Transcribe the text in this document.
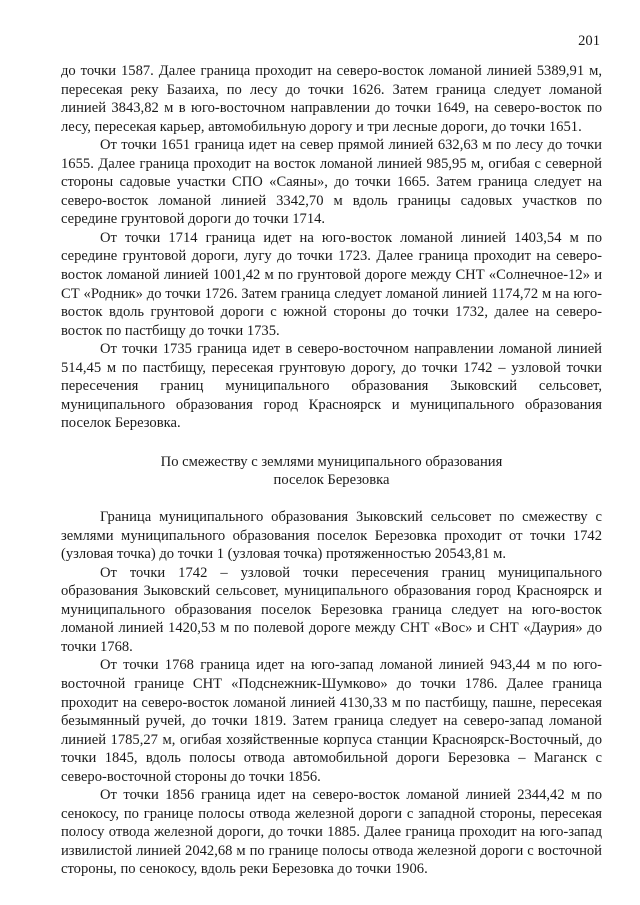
201

до точки 1587. Далее граница проходит на северо-восток ломаной линией 5389,91 м, пересекая реку Базаиха, по лесу до точки 1626. Затем граница следует ломаной линией 3843,82 м в юго-восточном направлении до точки 1649, на северо-восток по лесу, пересекая карьер, автомобильную дорогу и три лесные дороги, до точки 1651.

От точки 1651 граница идет на север прямой линией 632,63 м по лесу до точки 1655. Далее граница проходит на восток ломаной линией 985,95 м, огибая с северной стороны садовые участки СПО «Саяны», до точки 1665. Затем граница следует на северо-восток ломаной линией 3342,70 м вдоль границы садовых участков по середине грунтовой дороги до точки 1714.

От точки 1714 граница идет на юго-восток ломаной линией 1403,54 м по середине грунтовой дороги, лугу до точки 1723. Далее граница проходит на северо-восток ломаной линией 1001,42 м по грунтовой дороге между СНТ «Солнечное-12» и СТ «Родник» до точки 1726. Затем граница следует ломаной линией 1174,72 м на юго-восток вдоль грунтовой дороги с южной стороны до точки 1732, далее на северо-восток по пастбищу до точки 1735.

От точки 1735 граница идет в северо-восточном направлении ломаной линией 514,45 м по пастбищу, пересекая грунтовую дорогу, до точки 1742 – узловой точки пересечения границ муниципального образования Зыковский сельсовет, муниципального образования город Красноярск и муниципального образования поселок Березовка.

По смежеству с землями муниципального образования
поселок Березовка

Граница муниципального образования Зыковский сельсовет по смежеству с землями муниципального образования поселок Березовка проходит от точки 1742 (узловая точка) до точки 1 (узловая точка) протяженностью 20543,81 м.

От точки 1742 – узловой точки пересечения границ муниципального образования Зыковский сельсовет, муниципального образования город Красноярск и муниципального образования поселок Березовка граница следует на юго-восток ломаной линией 1420,53 м по полевой дороге между СНТ «Вос» и СНТ «Даурия» до точки 1768.

От точки 1768 граница идет на юго-запад ломаной линией 943,44 м по юго-восточной границе СНТ «Подснежник-Шумково» до точки 1786. Далее граница проходит на северо-восток ломаной линией 4130,33 м по пастбищу, пашне, пересекая безымянный ручей, до точки 1819. Затем граница следует на северо-запад ломаной линией 1785,27 м, огибая хозяйственные корпуса станции Красноярск-Восточный, до точки 1845, вдоль полосы отвода автомобильной дороги Березовка – Маганск с северо-восточной стороны до точки 1856.

От точки 1856 граница идет на северо-восток ломаной линией 2344,42 м по сенокосу, по границе полосы отвода железной дороги с западной стороны, пересекая полосу отвода железной дороги, до точки 1885. Далее граница проходит на юго-запад извилистой линией 2042,68 м по границе полосы отвода железной дороги с восточной стороны, по сенокосу, вдоль реки Березовка до точки 1906.
